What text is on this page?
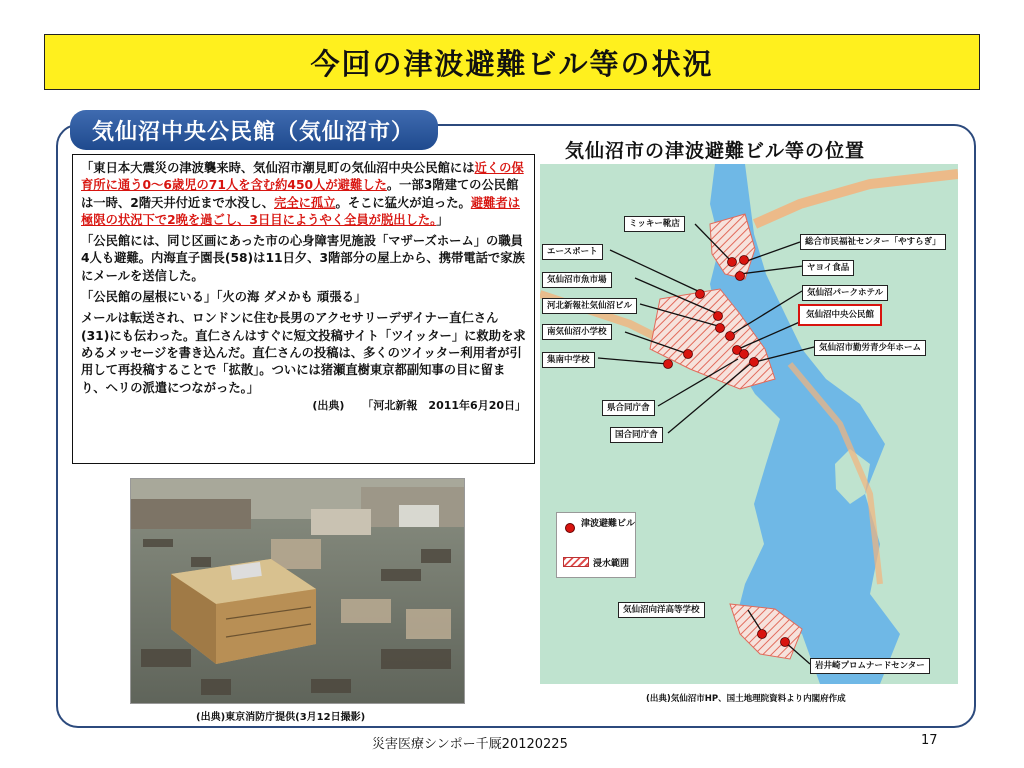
今回の津波避難ビル等の状況
気仙沼中央公民館（気仙沼市）

「東日本大震災の津波襲来時、気仙沼市潮見町の気仙沼中央公民館には近くの保育所に通う0～6歳児の71人を含む約450人が避難した。一部3階建ての公民館は一時、2階天井付近まで水没し、完全に孤立。そこに猛火が迫った。避難者は極限の状況下で2晩を過ごし、3日目にようやく全員が脱出した。」

「公民館には、同じ区画にあった市の心身障害児施設「マザーズホーム」の職員4人も避難。内海直子園長(58)は11日夕、3階部分の屋上から、携帯電話で家族にメールを送信した。

「公民館の屋根にいる」「火の海 ダメかも 頑張る」

メールは転送され、ロンドンに住む長男のアクセサリーデザイナー直仁さん(31)にも伝わった。直仁さんはすぐに短文投稿サイト「ツイッター」に救助を求めるメッセージを書き込んだ。直仁さんの投稿は、多くのツイッター利用者が引用して再投稿することで「拡散」。ついには猪瀬直樹東京都副知事の目に留まり、ヘリの派遣につながった。」

(出典) 「河北新報　2011年6月20日」
(出典)東京消防庁提供(3月12日撮影)
気仙沼市の津波避難ビル等の位置
ミッキー靴店
エースポート
気仙沼市魚市場
河北新報社気仙沼ビル
南気仙沼小学校
集南中学校
総合市民福祉センター「やすらぎ」
ヤヨイ食品
気仙沼パークホテル
気仙沼中央公民館
気仙沼市勤労青少年ホーム
県合同庁舎
国合同庁舎
気仙沼向洋高等学校
岩井崎プロムナードセンター
津波避難ビル
浸水範囲
(出典)気仙沼市HP、国土地理院資料より内閣府作成
災害医療シンポー千厩20120225	17
